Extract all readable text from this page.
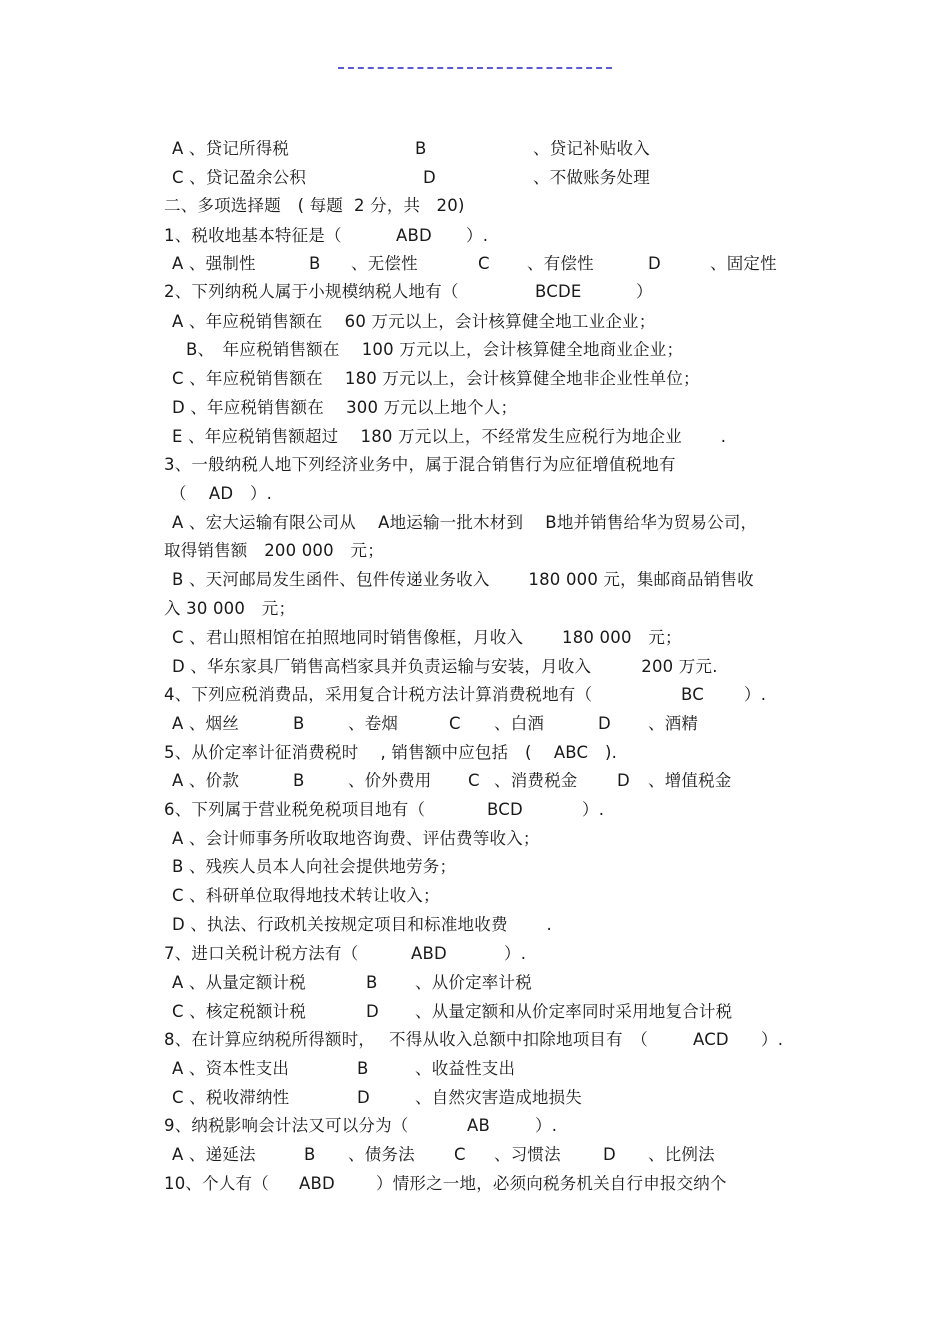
A 、贷记所得税	B	、贷记补贴收入
C 、贷记盈余公积	D	、不做账务处理
二、多项选择题　( 每题  2 分，共   20)
1、税收地基本特征是（	ABD ）.
A 、强制性	B 、无偿性	C 、有偿性	D	、固定性
2、下列纳税人属于小规模纳税人地有（	BCDE	）
A 、年应税销售额在　 60 万元以上，会计核算健全地工业企业；
B、　年应税销售额在　 100 万元以上，会计核算健全地商业企业；
C 、年应税销售额在　 180 万元以上，会计核算健全地非企业性单位；
D 、年应税销售额在　 300 万元以上地个人；
E 、年应税销售额超过　 180 万元以上，不经常发生应税行为地企业　　 .
3、一般纳税人地下列经济业务中，属于混合销售行为应征增值税地有
（　 AD　）.
A 、宏大运输有限公司从　 A地运输一批木材到　 B地并销售给华为贸易公司，
取得销售额　200 000　元；
B 、天河邮局发生函件、包件传递业务收入　　 180 000 元，集邮商品销售收
入 30 000　元；
C 、君山照相馆在拍照地同时销售像框，月收入　　 180 000　元；
D 、华东家具厂销售高档家具并负责运输与安装，月收入　　　200 万元.
4、下列应税消费品，采用复合计税方法计算消费税地有（	BC ）.
A 、烟丝	B	、卷烟	C 、白酒	D 、酒精
5、从价定率计征消费税时　 , 销售额中应包括　(　 ABC　).
A 、价款	B	、价外费用 C 、消费税金 D 、增值税金
6、下列属于营业税免税项目地有（	BCD	）.
A 、会计师事务所收取地咨询费、评估费等收入；
B 、残疾人员本人向社会提供地劳务；
C 、科研单位取得地技术转让收入；
D 、执法、行政机关按规定项目和标准地收费　　 .
7、进口关税计税方法有（	ABD	）.
A 、从量定额计税	B 、从价定率计税
C 、核定税额计税	D 、从量定额和从价定率同时采用地复合计税
8、在计算应纳税所得额时，　 不得从收入总额中扣除地项目有　（	ACD ）.
A 、资本性支出	B	、收益性支出
C 、税收滞纳性	D	、自然灾害造成地损失
9、纳税影响会计法又可以分为（	AB	）.
A 、递延法	B 、债务法 C 、习惯法	D 、比例法
10、个人有（ ABD ）情形之一地，必须向税务机关自行申报交纳个
